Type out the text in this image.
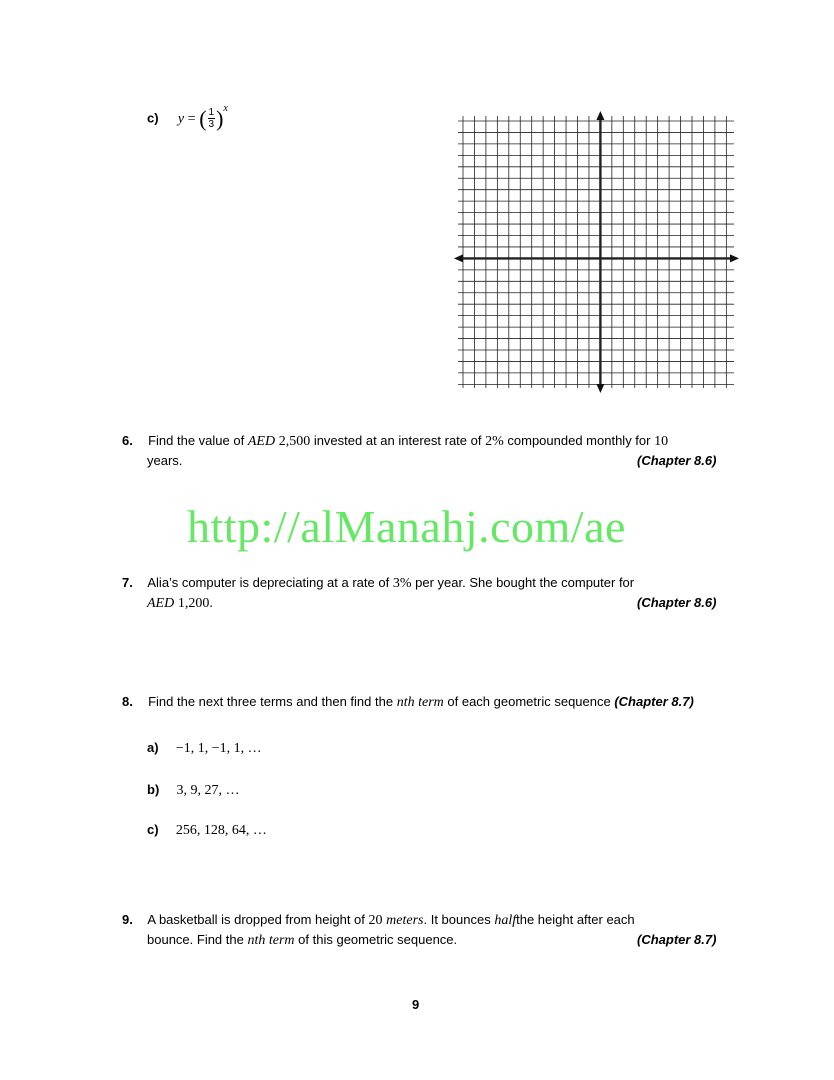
c) y = ( $\frac{1}{3} )^x$
6. Find the value of AED 2,500 invested at an interest rate of 2% compounded monthly for 10
years.	(Chapter 8.6)
http://alManahj.com/ae
7. Alia’s computer is depreciating at a rate of 3% per year. She bought the computer for
AED 1,200.	(Chapter 8.6)
8. Find the next three terms and then find the nth term of each geometric sequence (Chapter 8.7)
a) −1, 1, −1, 1, …
b) 3, 9, 27, …
c) 256, 128, 64, …
9. A basketball is dropped from height of 20 meters. It bounces halfthe height after each
bounce. Find the nth term of this geometric sequence.	(Chapter 8.7)
9
